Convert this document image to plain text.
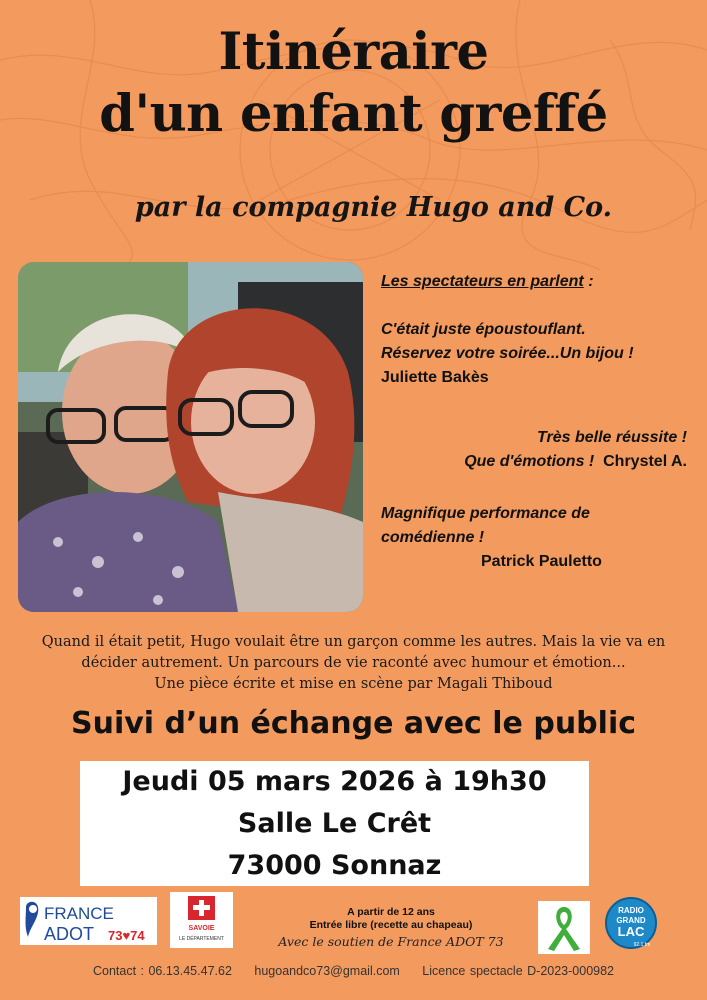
Itinéraire
d'un enfant greffé

par la compagnie Hugo and Co.

Les spectateurs en parlent :

C'était juste époustouflant.

Réservez votre soirée...Un bijou !

Juliette Bakès

Très belle réussite !

Que d'émotions ! Chrystel A.

Magnifique performance de

comédienne !

Patrick Pauletto

Quand il était petit, Hugo voulait être un garçon comme les autres. Mais la vie va en

décider autrement. Un parcours de vie raconté avec humour et émotion...

Une pièce écrite et mise en scène par Magali Thiboud

Suivi d’un échange avec le public
Jeudi 05 mars 2026 à 19h30
Salle Le Crêt
73000 Sonnaz
FRANCE
ADOT 73♥74	SAVOIE
LE DÉPARTEMENT
A partir de 12 ans
Entrée libre (recette au chapeau)
Avec le soutien de France ADOT 73
RADIO
GRAND
LAC
92.1 fm
Contact : 06.13.45.47.62 hugoandco73@gmail.com Licence spectacle D-2023-000982
